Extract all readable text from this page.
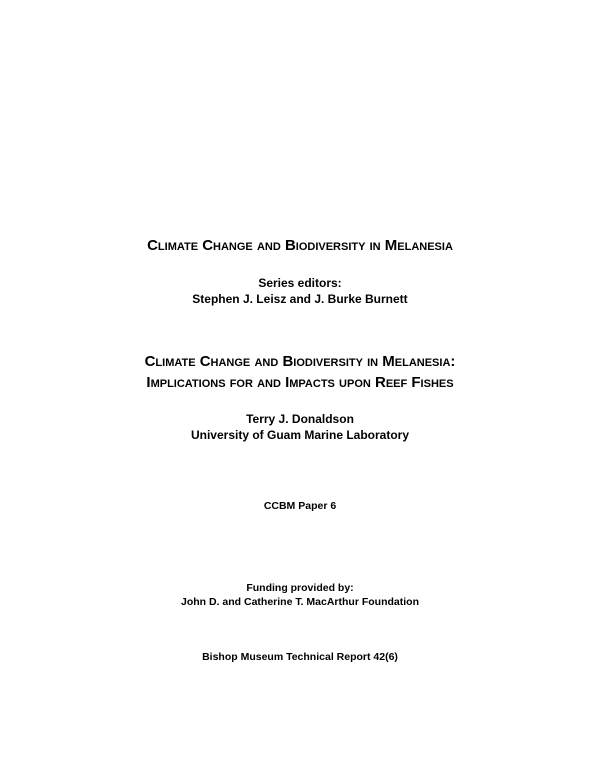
Climate Change and Biodiversity in Melanesia
Series editors:
Stephen J. Leisz and J. Burke Burnett
Climate Change and Biodiversity in Melanesia:
Implications for and Impacts upon Reef Fishes
Terry J. Donaldson
University of Guam Marine Laboratory
CCBM Paper 6
Funding provided by:
John D. and Catherine T. MacArthur Foundation
Bishop Museum Technical Report 42(6)
